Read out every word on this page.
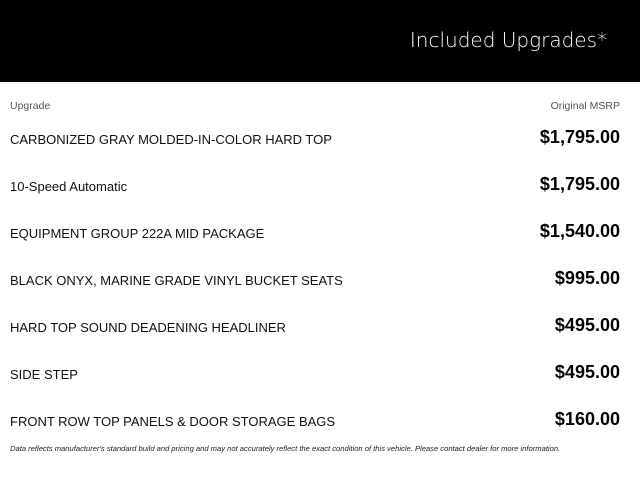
Included Upgrades*
Upgrade	Original MSRP
CARBONIZED GRAY MOLDED-IN-COLOR HARD TOP	$1,795.00
10-Speed Automatic	$1,795.00
EQUIPMENT GROUP 222A MID PACKAGE	$1,540.00
BLACK ONYX, MARINE GRADE VINYL BUCKET SEATS	$995.00
HARD TOP SOUND DEADENING HEADLINER	$495.00
SIDE STEP	$495.00
FRONT ROW TOP PANELS & DOOR STORAGE BAGS	$160.00
Data reflects manufacturer's standard build and pricing and may not accurately reflect the exact condition of this vehicle. Please contact dealer for more information.
